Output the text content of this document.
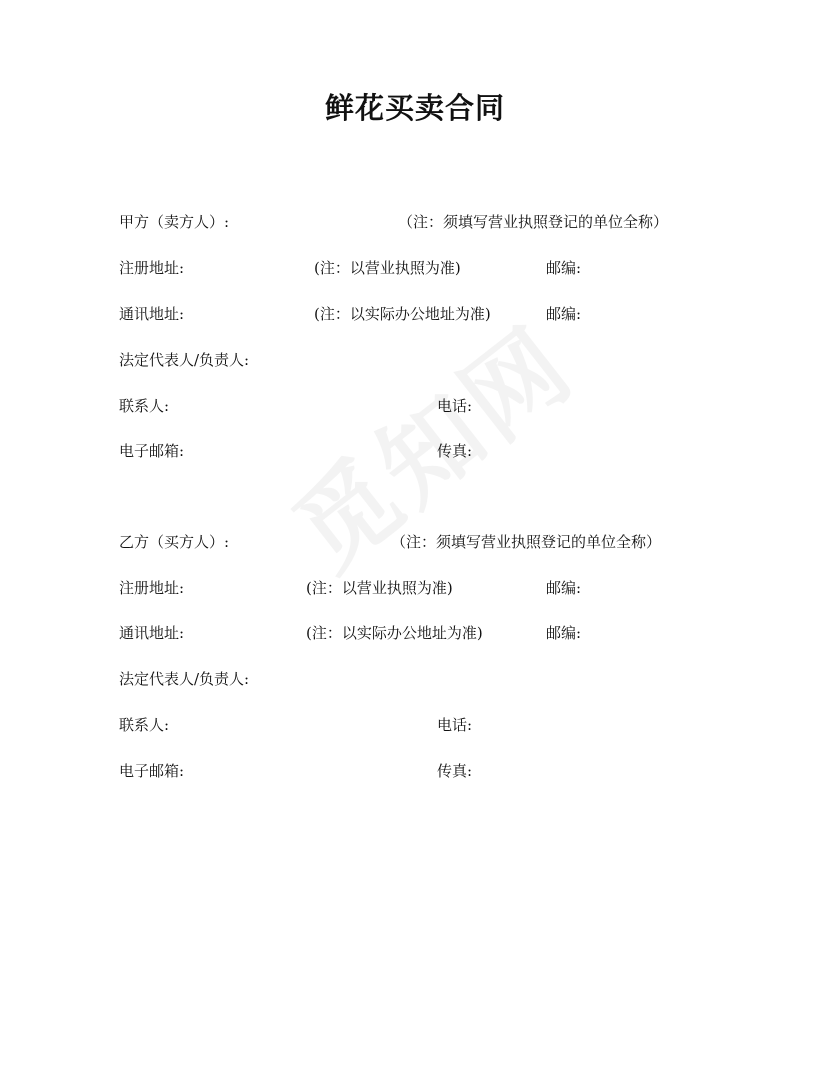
鲜花买卖合同
甲方（卖方人）:	（注：须填写营业执照登记的单位全称）
注册地址:	(注：以营业执照为准)	邮编:
通讯地址:	(注：以实际办公地址为准)	邮编:
法定代表人/负责人:
联系人:	电话:
电子邮箱:	传真:
乙方（买方人）:	（注：须填写营业执照登记的单位全称）
注册地址:	(注：以营业执照为准)	邮编:
通讯地址:	(注：以实际办公地址为准)	邮编:
法定代表人/负责人:
联系人:	电话:
电子邮箱:	传真:
